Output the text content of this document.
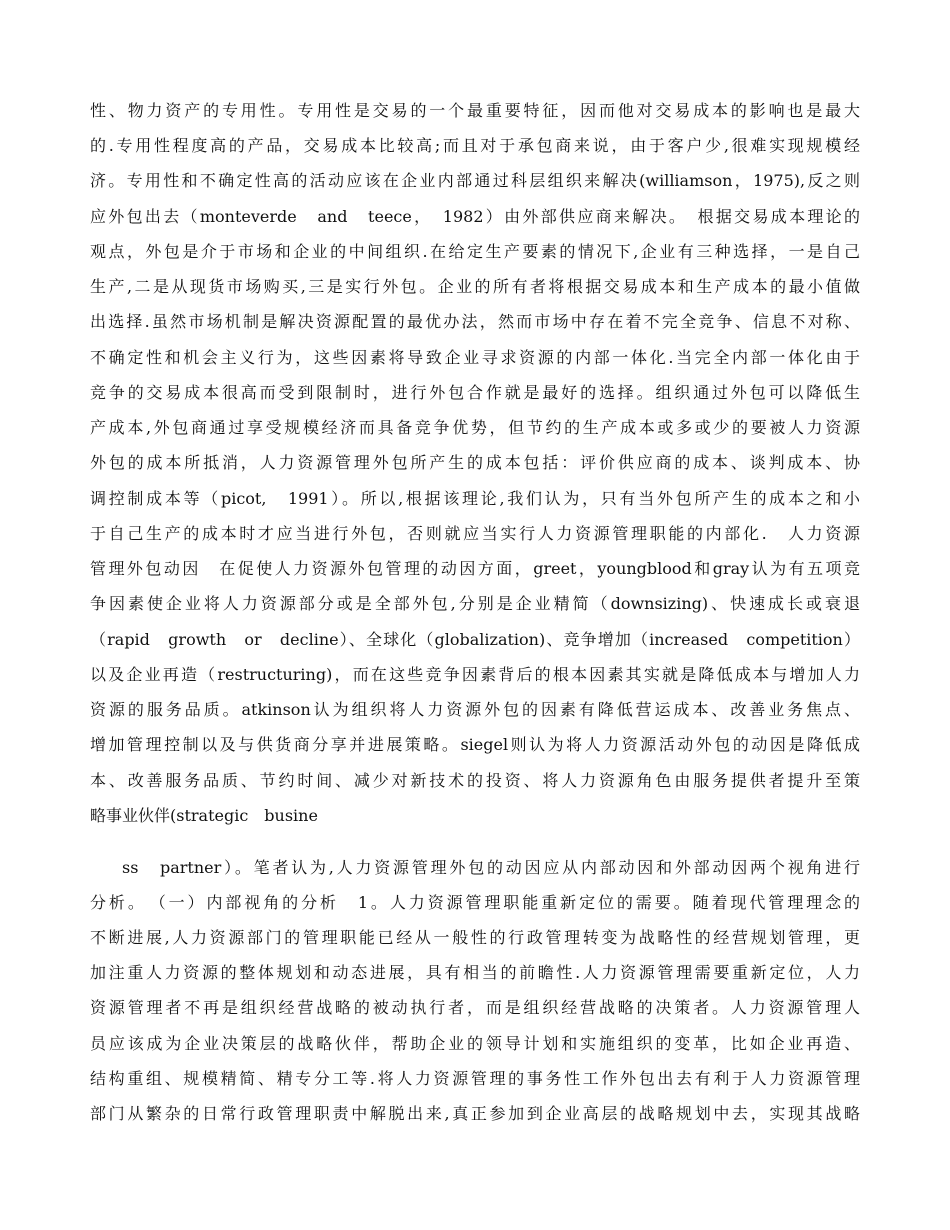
性、物力资产的专用性。专用性是交易的一个最重要特征，因而他对交易成本的影响也是最大
的.专用性程度高的产品，交易成本比较高;而且对于承包商来说，由于客户少,很难实现规模经
济。专用性和不确定性高的活动应该在企业内部通过科层组织来解决(williamson，1975),反之则
应外包出去（monteverde　and　teece，　1982）由外部供应商来解决。　根据交易成本理论的
观点，外包是介于市场和企业的中间组织.在给定生产要素的情况下,企业有三种选择，一是自己
生产,二是从现货市场购买,三是实行外包。企业的所有者将根据交易成本和生产成本的最小值做
出选择.虽然市场机制是解决资源配置的最优办法，然而市场中存在着不完全竞争、信息不对称、
不确定性和机会主义行为，这些因素将导致企业寻求资源的内部一体化.当完全内部一体化由于
竞争的交易成本很高而受到限制时，进行外包合作就是最好的选择。组织通过外包可以降低生
产成本,外包商通过享受规模经济而具备竞争优势，但节约的生产成本或多或少的要被人力资源
外包的成本所抵消，人力资源管理外包所产生的成本包括：评价供应商的成本、谈判成本、协
调控制成本等（picot,　1991）。所以,根据该理论,我们认为，只有当外包所产生的成本之和小
于自己生产的成本时才应当进行外包，否则就应当实行人力资源管理职能的内部化.　人力资源
管理外包动因　在促使人力资源外包管理的动因方面，greet，youngblood和gray认为有五项竞
争因素使企业将人力资源部分或是全部外包,分别是企业精简（downsizing)、快速成长或衰退
（rapid　growth　or　decline）、全球化（globalization)、竞争增加（increased　competition）
以及企业再造（restructuring)，而在这些竞争因素背后的根本因素其实就是降低成本与增加人力
资源的服务品质。atkinson认为组织将人力资源外包的因素有降低营运成本、改善业务焦点、
增加管理控制以及与供货商分享并进展策略。siegel则认为将人力资源活动外包的动因是降低成
本、改善服务品质、节约时间、减少对新技术的投资、将人力资源角色由服务提供者提升至策
略事业伙伴(strategic　busine
ss　partner）。笔者认为,人力资源管理外包的动因应从内部动因和外部动因两个视角进行
分析。　（一）内部视角的分析　1。人力资源管理职能重新定位的需要。随着现代管理理念的
不断进展,人力资源部门的管理职能已经从一般性的行政管理转变为战略性的经营规划管理，更
加注重人力资源的整体规划和动态进展，具有相当的前瞻性.人力资源管理需要重新定位，人力
资源管理者不再是组织经营战略的被动执行者，而是组织经营战略的决策者。人力资源管理人
员应该成为企业决策层的战略伙伴，帮助企业的领导计划和实施组织的变革，比如企业再造、
结构重组、规模精简、精专分工等.将人力资源管理的事务性工作外包出去有利于人力资源管理
部门从繁杂的日常行政管理职责中解脱出来,真正参加到企业高层的战略规划中去，实现其战略
